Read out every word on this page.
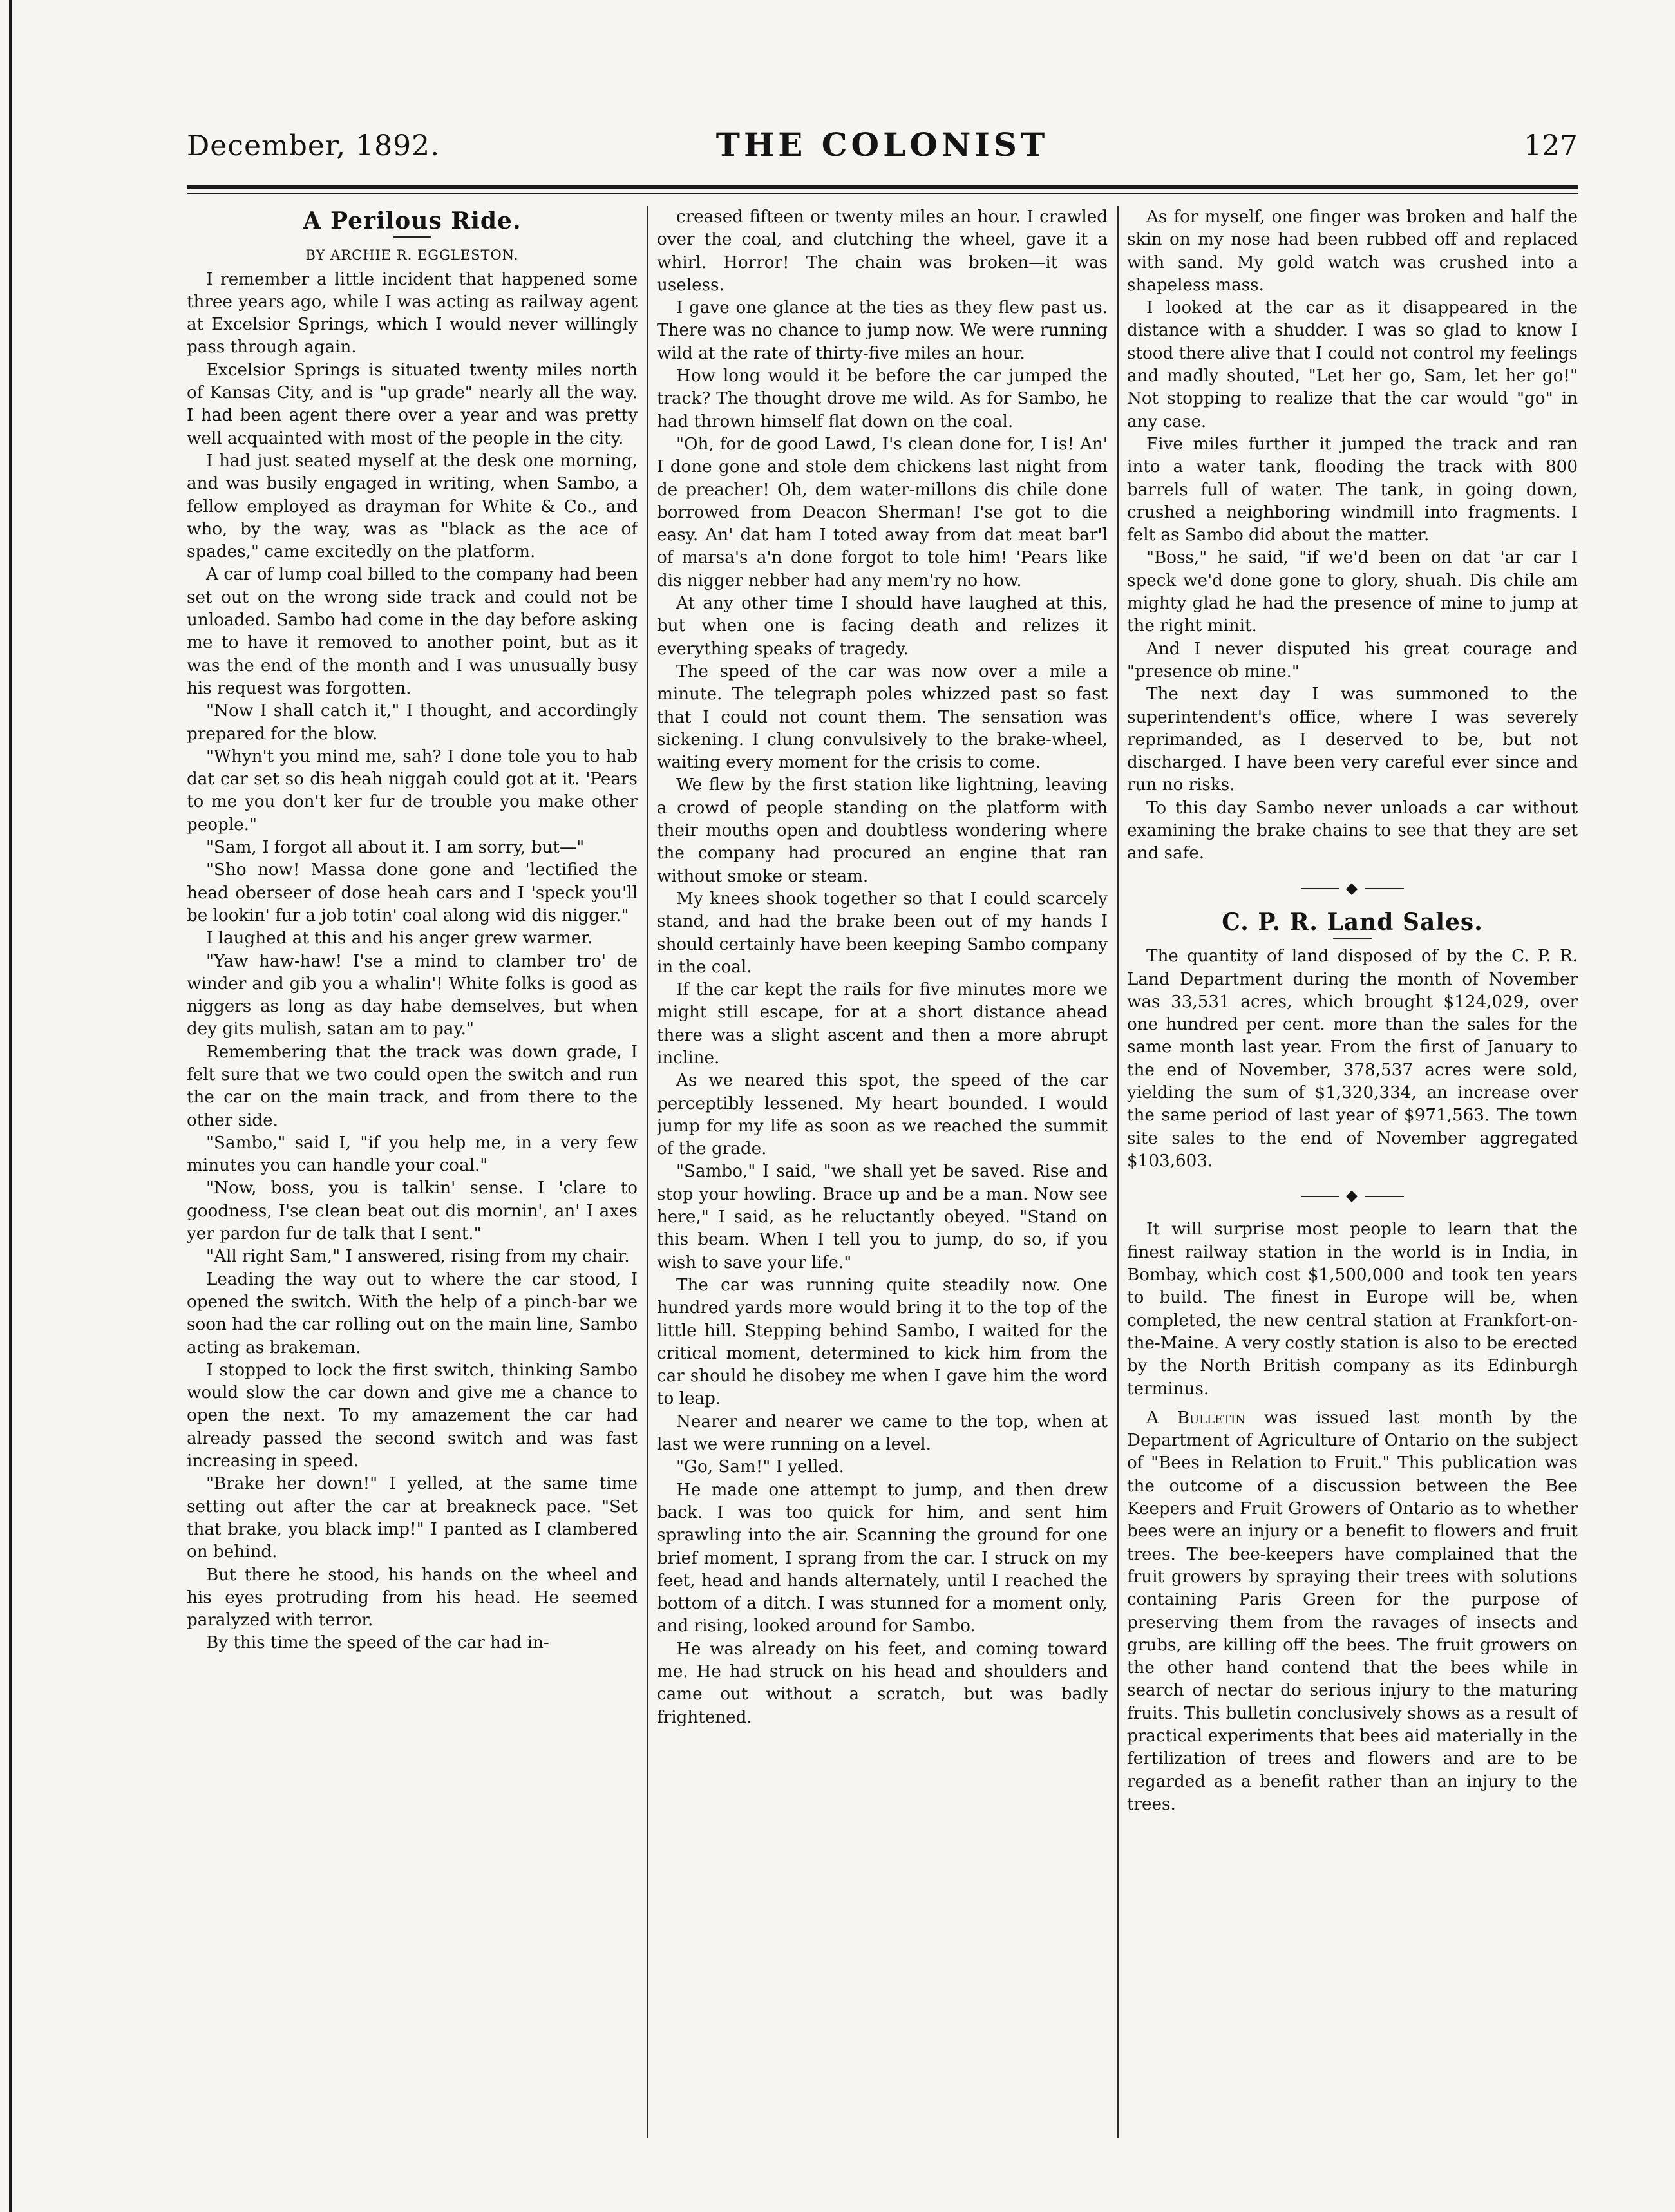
December, 1892.	THE COLONIST	127
A Perilous Ride.
BY ARCHIE R. EGGLESTON.

I remember a little incident that happened some three years ago, while I was acting as railway agent at Excelsior Springs, which I would never willingly pass through again.

Excelsior Springs is situated twenty miles north of Kansas City, and is "up grade" nearly all the way. I had been agent there over a year and was pretty well acquainted with most of the people in the city.

I had just seated myself at the desk one morning, and was busily engaged in writing, when Sambo, a fellow employed as drayman for White & Co., and who, by the way, was as "black as the ace of spades," came excitedly on the platform.

A car of lump coal billed to the company had been set out on the wrong side track and could not be unloaded. Sambo had come in the day before asking me to have it removed to another point, but as it was the end of the month and I was unusually busy his request was forgotten.

"Now I shall catch it," I thought, and accordingly prepared for the blow.

"Whyn't you mind me, sah? I done tole you to hab dat car set so dis heah niggah could got at it. 'Pears to me you don't ker fur de trouble you make other people."

"Sam, I forgot all about it. I am sorry, but—"

"Sho now! Massa done gone and 'lectified the head oberseer of dose heah cars and I 'speck you'll be lookin' fur a job totin' coal along wid dis nigger."

I laughed at this and his anger grew warmer.

"Yaw haw-haw! I'se a mind to clamber tro' de winder and gib you a whalin'! White folks is good as niggers as long as day habe demselves, but when dey gits mulish, satan am to pay."

Remembering that the track was down grade, I felt sure that we two could open the switch and run the car on the main track, and from there to the other side.

"Sambo," said I, "if you help me, in a very few minutes you can handle your coal."

"Now, boss, you is talkin' sense. I 'clare to goodness, I'se clean beat out dis mornin', an' I axes yer pardon fur de talk that I sent."

"All right Sam," I answered, rising from my chair.

Leading the way out to where the car stood, I opened the switch. With the help of a pinch-bar we soon had the car rolling out on the main line, Sambo acting as brakeman.

I stopped to lock the first switch, thinking Sambo would slow the car down and give me a chance to open the next. To my amazement the car had already passed the second switch and was fast increasing in speed.

"Brake her down!" I yelled, at the same time setting out after the car at breakneck pace. "Set that brake, you black imp!" I panted as I clambered on behind.

But there he stood, his hands on the wheel and his eyes protruding from his head. He seemed paralyzed with terror.

By this time the speed of the car had in-

creased fifteen or twenty miles an hour. I crawled over the coal, and clutching the wheel, gave it a whirl. Horror! The chain was broken—it was useless.

I gave one glance at the ties as they flew past us. There was no chance to jump now. We were running wild at the rate of thirty-five miles an hour.

How long would it be before the car jumped the track? The thought drove me wild. As for Sambo, he had thrown himself flat down on the coal.

"Oh, for de good Lawd, I's clean done for, I is! An' I done gone and stole dem chickens last night from de preacher! Oh, dem water-millons dis chile done borrowed from Deacon Sherman! I'se got to die easy. An' dat ham I toted away from dat meat bar'l of marsa's a'n done forgot to tole him! 'Pears like dis nigger nebber had any mem'ry no how.

At any other time I should have laughed at this, but when one is facing death and relizes it everything speaks of tragedy.

The speed of the car was now over a mile a minute. The telegraph poles whizzed past so fast that I could not count them. The sensation was sickening. I clung convulsively to the brake-wheel, waiting every moment for the crisis to come.

We flew by the first station like lightning, leaving a crowd of people standing on the platform with their mouths open and doubtless wondering where the company had procured an engine that ran without smoke or steam.

My knees shook together so that I could scarcely stand, and had the brake been out of my hands I should certainly have been keeping Sambo company in the coal.

If the car kept the rails for five minutes more we might still escape, for at a short distance ahead there was a slight ascent and then a more abrupt incline.

As we neared this spot, the speed of the car perceptibly lessened. My heart bounded. I would jump for my life as soon as we reached the summit of the grade.

"Sambo," I said, "we shall yet be saved. Rise and stop your howling. Brace up and be a man. Now see here," I said, as he reluctantly obeyed. "Stand on this beam. When I tell you to jump, do so, if you wish to save your life."

The car was running quite steadily now. One hundred yards more would bring it to the top of the little hill. Stepping behind Sambo, I waited for the critical moment, determined to kick him from the car should he disobey me when I gave him the word to leap.

Nearer and nearer we came to the top, when at last we were running on a level.

"Go, Sam!" I yelled.

He made one attempt to jump, and then drew back. I was too quick for him, and sent him sprawling into the air. Scanning the ground for one brief moment, I sprang from the car. I struck on my feet, head and hands alternately, until I reached the bottom of a ditch. I was stunned for a moment only, and rising, looked around for Sambo.

He was already on his feet, and coming toward me. He had struck on his head and shoulders and came out without a scratch, but was badly frightened.

As for myself, one finger was broken and half the skin on my nose had been rubbed off and replaced with sand. My gold watch was crushed into a shapeless mass.

I looked at the car as it disappeared in the distance with a shudder. I was so glad to know I stood there alive that I could not control my feelings and madly shouted, "Let her go, Sam, let her go!" Not stopping to realize that the car would "go" in any case.

Five miles further it jumped the track and ran into a water tank, flooding the track with 800 barrels full of water. The tank, in going down, crushed a neighboring windmill into fragments. I felt as Sambo did about the matter.

"Boss," he said, "if we'd been on dat 'ar car I speck we'd done gone to glory, shuah. Dis chile am mighty glad he had the presence of mine to jump at the right minit.

And I never disputed his great courage and "presence ob mine."

The next day I was summoned to the superintendent's office, where I was severely reprimanded, as I deserved to be, but not discharged. I have been very careful ever since and run no risks.

To this day Sambo never unloads a car without examining the brake chains to see that they are set and safe.

◆
C. P. R. Land Sales.

The quantity of land disposed of by the C. P. R. Land Department during the month of November was 33,531 acres, which brought $124,029, over one hundred per cent. more than the sales for the same month last year. From the first of January to the end of November, 378,537 acres were sold, yielding the sum of $1,320,334, an increase over the same period of last year of $971,563. The town site sales to the end of November aggregated $103,603.

◆

It will surprise most people to learn that the finest railway station in the world is in India, in Bombay, which cost $1,500,000 and took ten years to build. The finest in Europe will be, when completed, the new central station at Frankfort-on-the-Maine. A very costly station is also to be erected by the North British company as its Edinburgh terminus.

A Bulletin was issued last month by the Department of Agriculture of Ontario on the subject of "Bees in Relation to Fruit." This publication was the outcome of a discussion between the Bee Keepers and Fruit Growers of Ontario as to whether bees were an injury or a benefit to flowers and fruit trees. The bee-keepers have complained that the fruit growers by spraying their trees with solutions containing Paris Green for the purpose of preserving them from the ravages of insects and grubs, are killing off the bees. The fruit growers on the other hand contend that the bees while in search of nectar do serious injury to the maturing fruits. This bulletin conclusively shows as a result of practical experiments that bees aid materially in the fertilization of trees and flowers and are to be regarded as a benefit rather than an injury to the trees.
